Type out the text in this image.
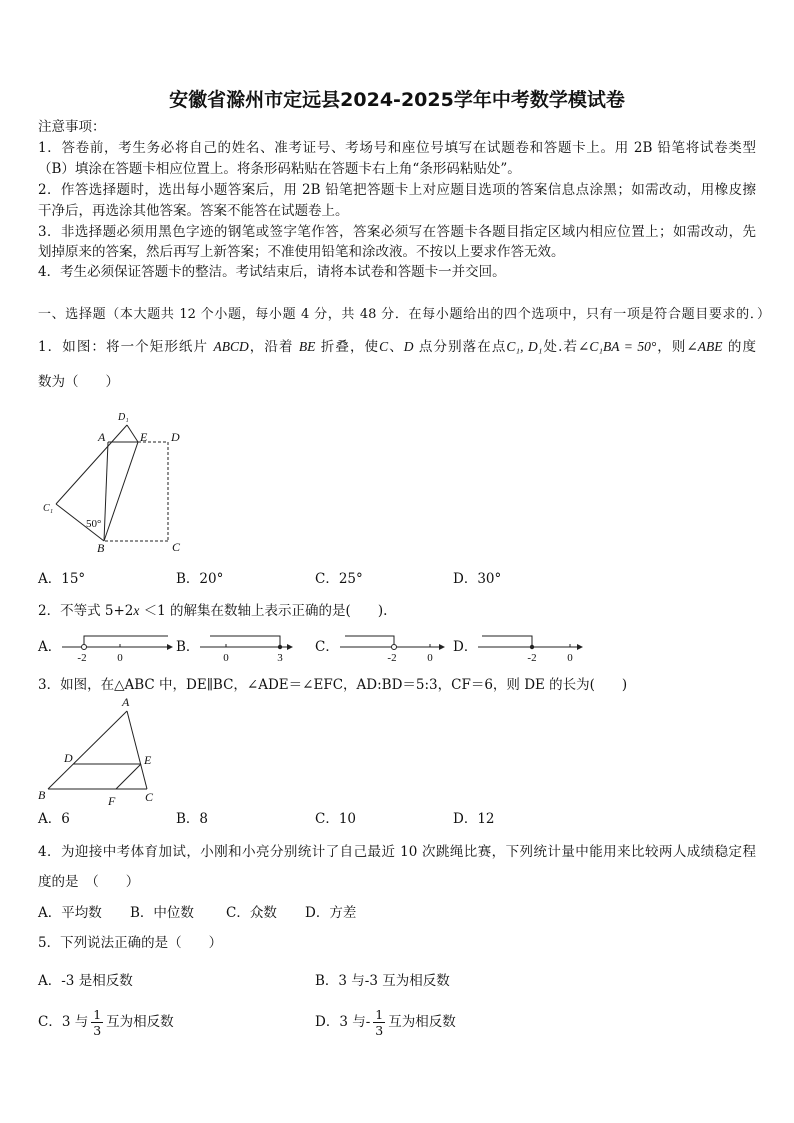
安徽省滁州市定远县2024-2025学年中考数学模试卷
注意事项：
1．答卷前，考生务必将自己的姓名、准考证号、考场号和座位号填写在试题卷和答题卡上。用 2B 铅笔将试卷类型
（B）填涂在答题卡相应位置上。将条形码粘贴在答题卡右上角“条形码粘贴处”。
2．作答选择题时，选出每小题答案后，用 2B 铅笔把答题卡上对应题目选项的答案信息点涂黑；如需改动，用橡皮擦
干净后，再选涂其他答案。答案不能答在试题卷上。
3．非选择题必须用黑色字迹的钢笔或签字笔作答，答案必须写在答题卡各题目指定区域内相应位置上；如需改动，先
划掉原来的答案，然后再写上新答案；不准使用铅笔和涂改液。不按以上要求作答无效。
4．考生必须保证答题卡的整洁。考试结束后，请将本试卷和答题卡一并交回。
一、选择题（本大题共 12 个小题，每小题 4 分，共 48 分．在每小题给出的四个选项中，只有一项是符合题目要求的．）
1．如图：将一个矩形纸片 ABCD，沿着 BE 折叠，使C、D 点分别落在点C₁, D₁处.若∠C₁BA = 50°，则∠ABE 的度
数为（　　）
D₁
A	E D
C₁
50°
B	C
A．15°	B．20°	C．25°	D．30°
2．不等式 5+2x ＜1 的解集在数轴上表示正确的是(　　).
A．
-2	0
B．
0	3
C．
-2	0
D．
-2	0
3．如图，在△ABC 中，DE∥BC，∠ADE＝∠EFC，AD:BD＝5:3，CF＝6，则 DE 的长为(　　)
A
D	E
B	F C
A．6	B．8	C．10	D．12
4．为迎接中考体育加试，小刚和小亮分别统计了自己最近 10 次跳绳比赛，下列统计量中能用来比较两人成绩稳定程
度的是　（　　）
A．平均数 B．中位数 C．众数 D．方差
5．下列说法正确的是（　　）
A．-3 是相反数	B．3 与-3 互为相反数
C．3 与 $\frac{1}{3}$ 互为相反数	D．3 与- $\frac{1}{3}$ 互为相反数
